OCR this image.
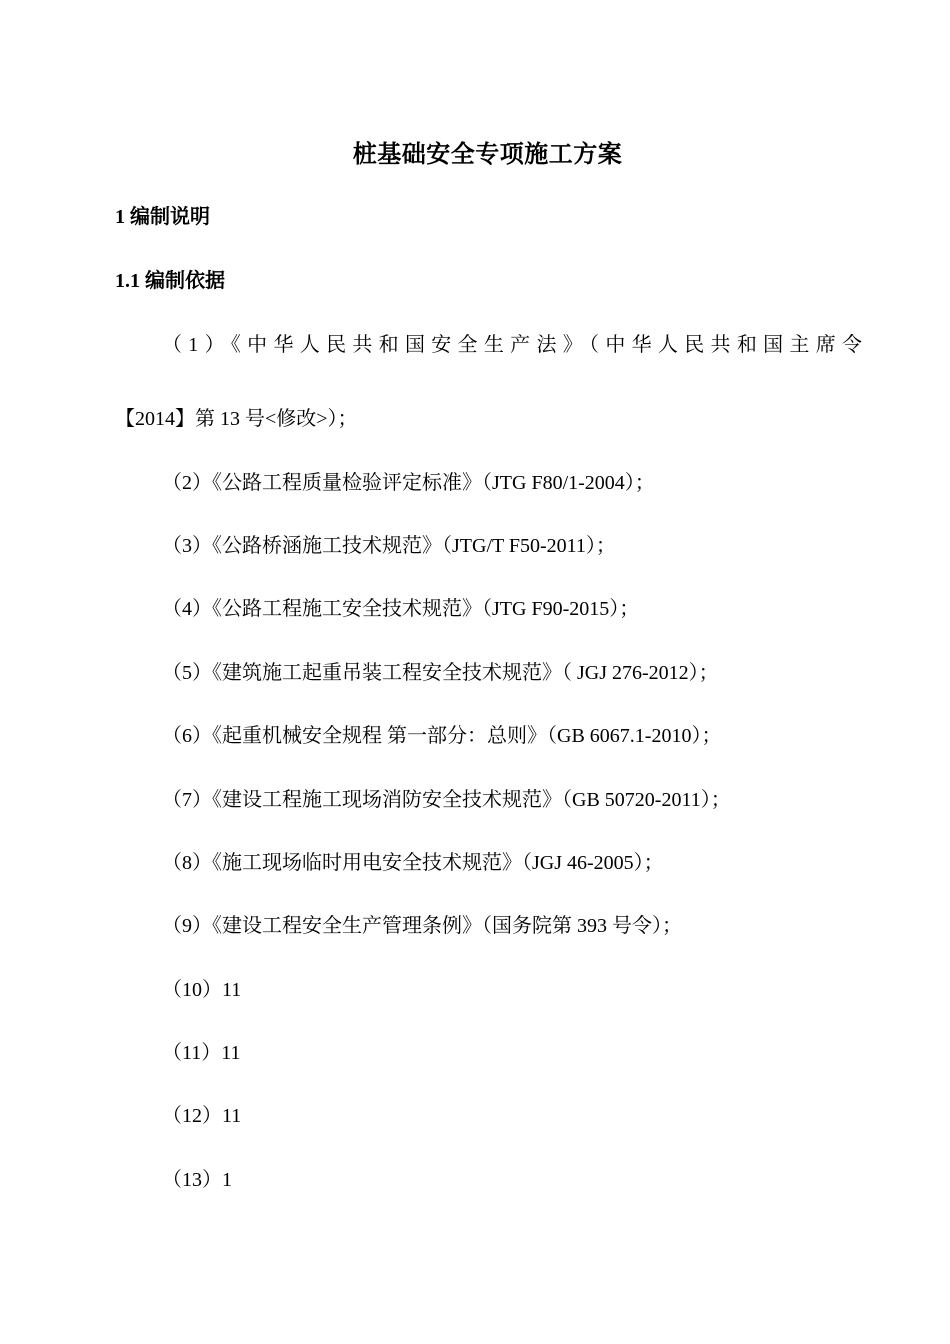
桩基础安全专项施工方案
1 编制说明
1.1 编制依据
（1）《中华人民共和国安全生产法》（中华人民共和国主席令
【2014】第 13 号<修改>）；
（2）《公路工程质量检验评定标准》（JTG F80/1-2004）；
（3）《公路桥涵施工技术规范》（JTG/T F50-2011）；
（4）《公路工程施工安全技术规范》（JTG F90-2015）；
（5）《建筑施工起重吊装工程安全技术规范》（ JGJ 276-2012）；
（6）《起重机械安全规程 第一部分：总则》（GB 6067.1-2010）；
（7）《建设工程施工现场消防安全技术规范》（GB 50720-2011）；
（8）《施工现场临时用电安全技术规范》（JGJ 46-2005）；
（9）《建设工程安全生产管理条例》（国务院第 393 号令）；
（10）11
（11）11
（12）11
（13）1
